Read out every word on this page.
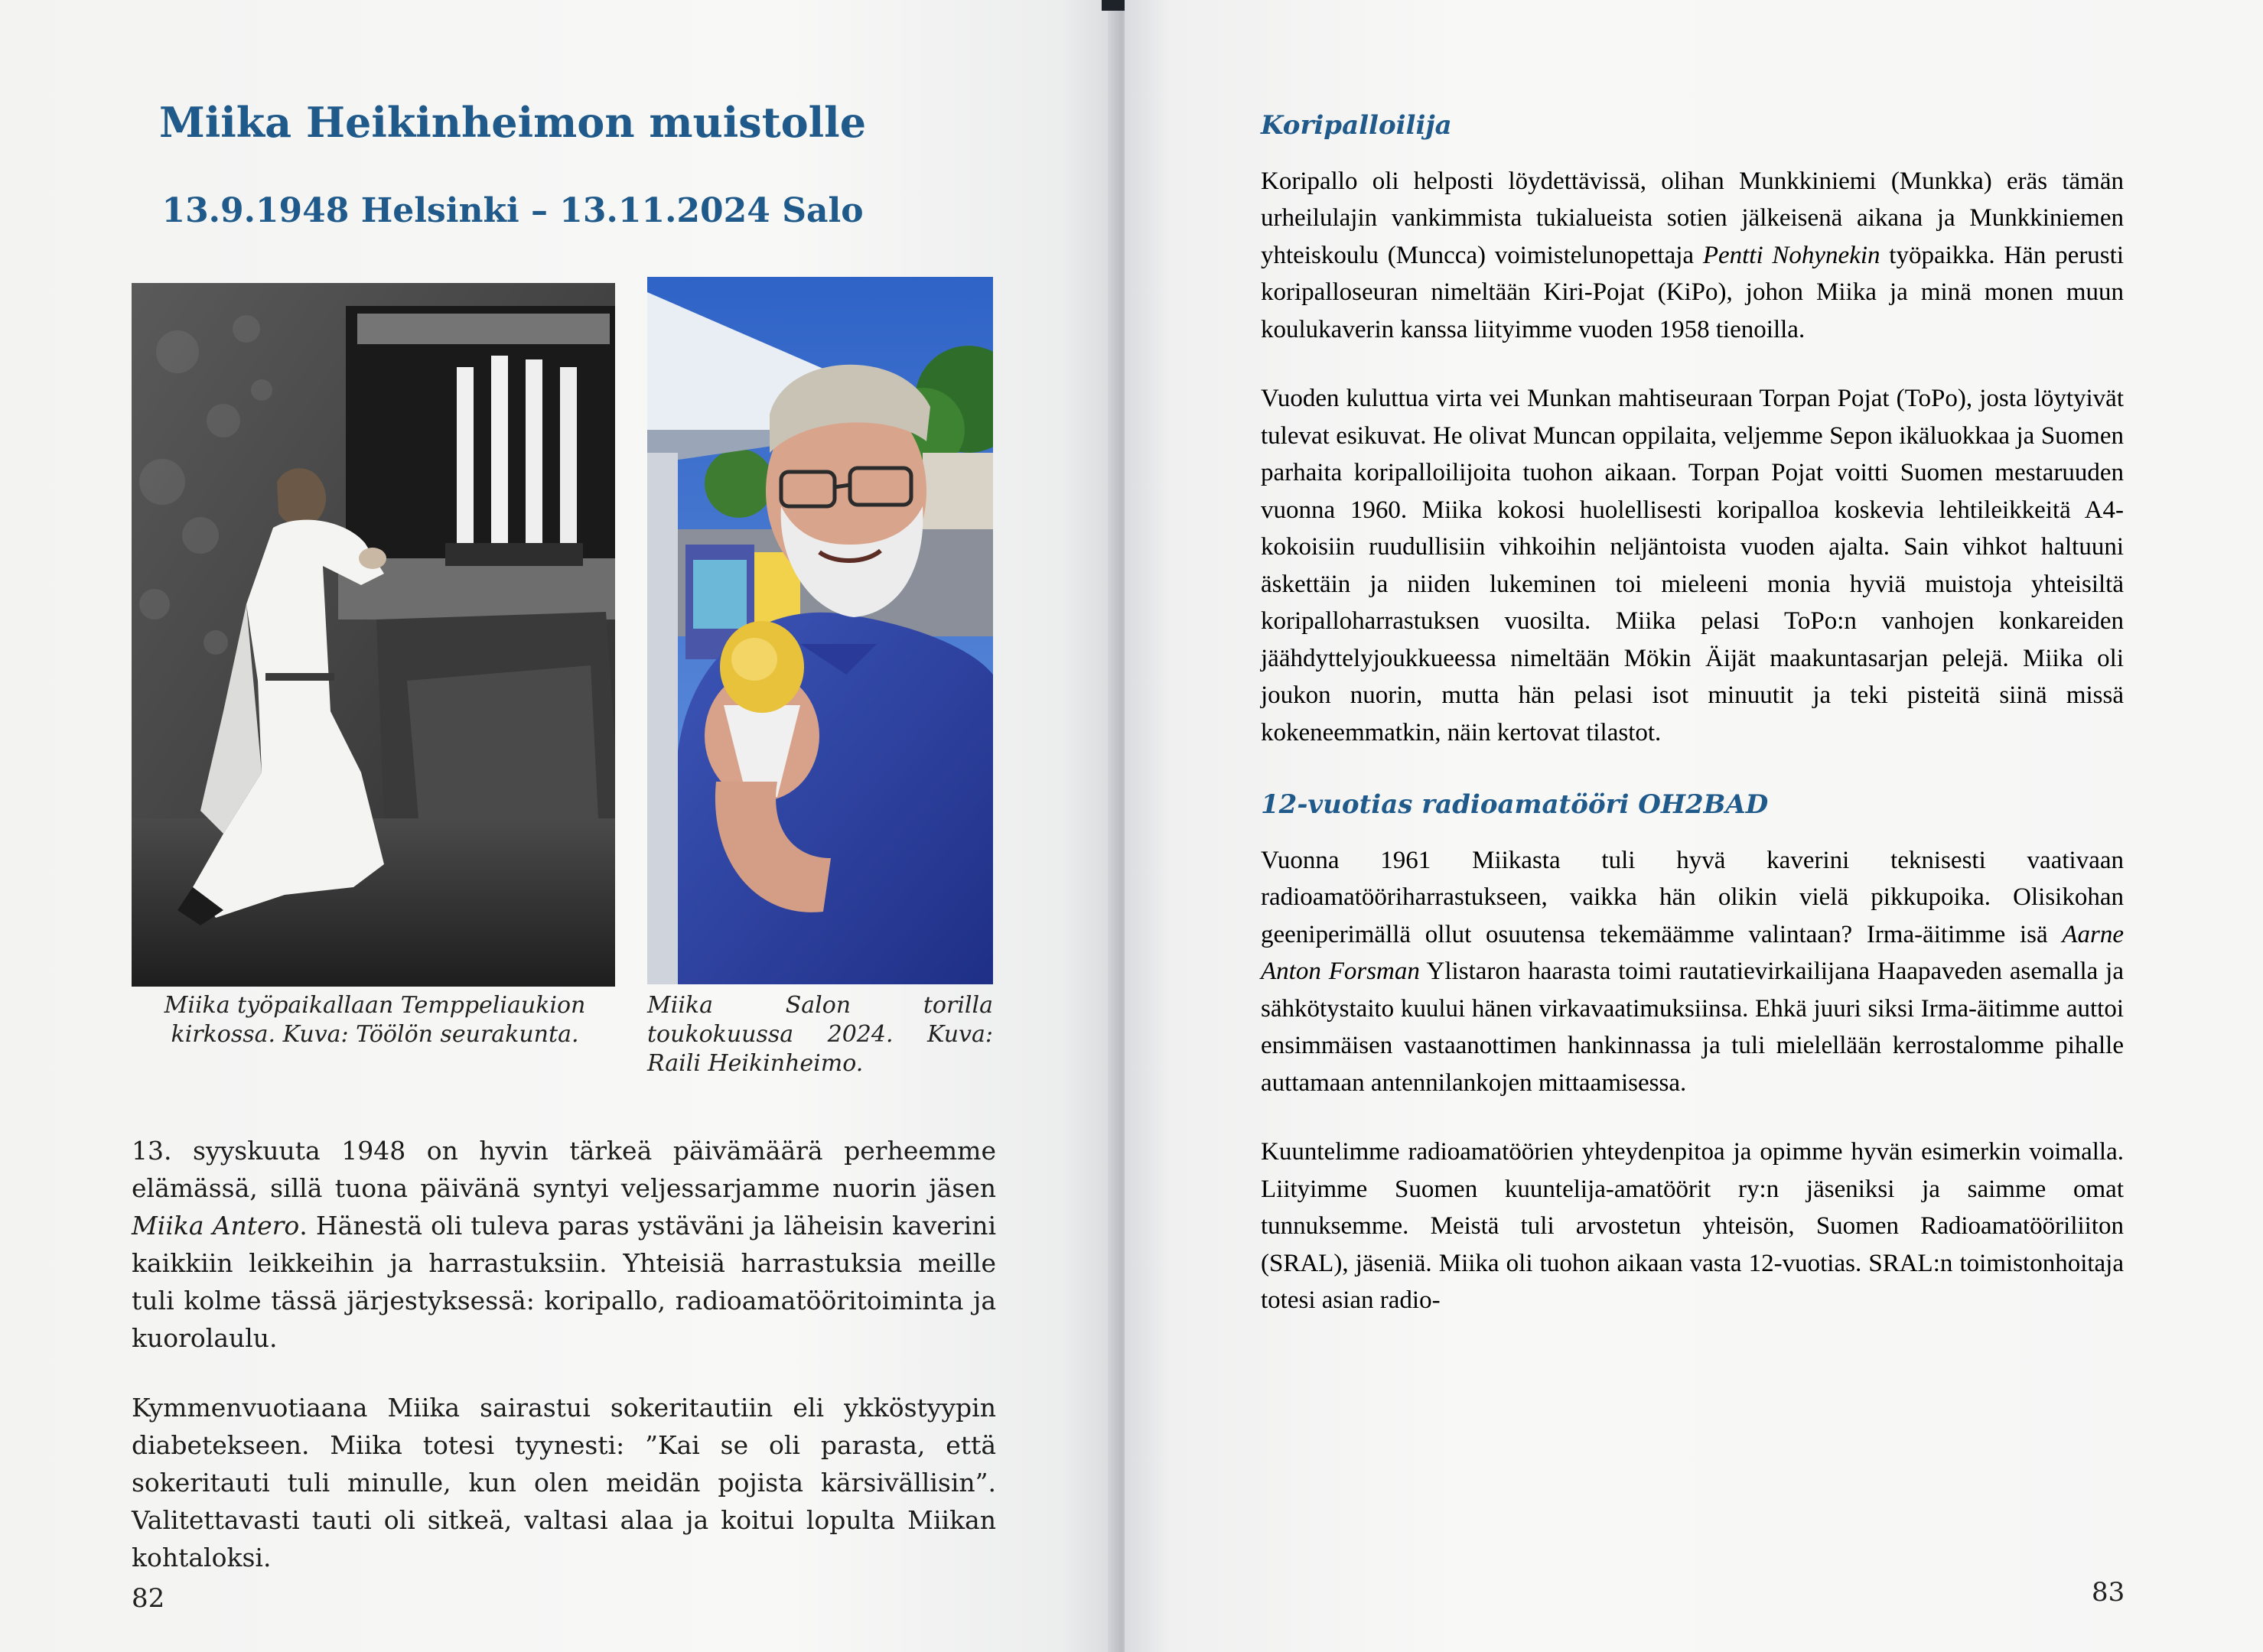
Miika Heikinheimon muistolle
13.9.1948 Helsinki – 13.11.2024 Salo

Miika työpaikallaan Temppeliaukion kirkossa. Kuva: Töölön seurakunta.

Miika Salon torilla toukokuussa 2024. Kuva: Raili Heikinheimo.

13. syyskuuta 1948 on hyvin tärkeä päivämäärä perheemme elämässä, sillä tuona päivänä syntyi veljessarjamme nuorin jäsen Miika Antero. Hänestä oli tuleva paras ystäväni ja läheisin kaverini kaikkiin leikkeihin ja harrastuksiin. Yhteisiä harrastuksia meille tuli kolme tässä järjestyksessä: koripallo, radioamatööritoiminta ja kuorolaulu.

Kymmenvuotiaana Miika sairastui sokeritautiin eli ykköstyypin diabetekseen. Miika totesi tyynesti: ”Kai se oli parasta, että sokeritauti tuli minulle, kun olen meidän pojista kärsivällisin”. Valitettavasti tauti oli sitkeä, valtasi alaa ja koitui lopulta Miikan kohtaloksi.

82	83
Koripalloilija

Koripallo oli helposti löydettävissä, olihan Munkkiniemi (Munkka) eräs tämän urheilulajin vankimmista tukialueista sotien jälkeisenä aikana ja Munkkiniemen yhteiskoulu (Muncca) voimistelunopettaja Pentti Nohynekin työpaikka. Hän perusti koripalloseuran nimeltään Kiri-Pojat (KiPo), johon Miika ja minä monen muun koulukaverin kanssa liityimme vuoden 1958 tienoilla.

Vuoden kuluttua virta vei Munkan mahtiseuraan Torpan Pojat (ToPo), josta löytyivät tulevat esikuvat. He olivat Muncan oppilaita, veljemme Sepon ikäluokkaa ja Suomen parhaita koripalloilijoita tuohon aikaan. Torpan Pojat voitti Suomen mestaruuden vuonna 1960. Miika kokosi huolellisesti koripalloa koskevia lehtileikkeitä A4-kokoisiin ruudullisiin vihkoihin neljäntoista vuoden ajalta. Sain vihkot haltuuni äskettäin ja niiden lukeminen toi mieleeni monia hyviä muistoja yhteisiltä koripalloharrastuksen vuosilta. Miika pelasi ToPo:n vanhojen konkareiden jäähdyttelyjoukkueessa nimeltään Mökin Äijät maakuntasarjan pelejä. Miika oli joukon nuorin, mutta hän pelasi isot minuutit ja teki pisteitä siinä missä kokeneemmatkin, näin kertovat tilastot.

12-vuotias radioamatööri OH2BAD

Vuonna 1961 Miikasta tuli hyvä kaverini teknisesti vaativaan radioamatööriharrastukseen, vaikka hän olikin vielä pikkupoika. Olisikohan geeniperimällä ollut osuutensa tekemäämme valintaan? Irma-äitimme isä Aarne Anton Forsman Ylistaron haarasta toimi rautatievirkailijana Haapaveden asemalla ja sähkötystaito kuului hänen virkavaatimuksiinsa. Ehkä juuri siksi Irma-äitimme auttoi ensimmäisen vastaanottimen hankinnassa ja tuli mielellään kerrostalomme pihalle auttamaan antennilankojen mittaamisessa.

Kuuntelimme radioamatöörien yhteydenpitoa ja opimme hyvän esimerkin voimalla. Liityimme Suomen kuuntelija-amatöörit ry:n jäseniksi ja saimme omat tunnuksemme. Meistä tuli arvostetun yhteisön, Suomen Radioamatööriliiton (SRAL), jäseniä. Miika oli tuohon aikaan vasta 12-vuotias. SRAL:n toimistonhoitaja totesi asian radio-
